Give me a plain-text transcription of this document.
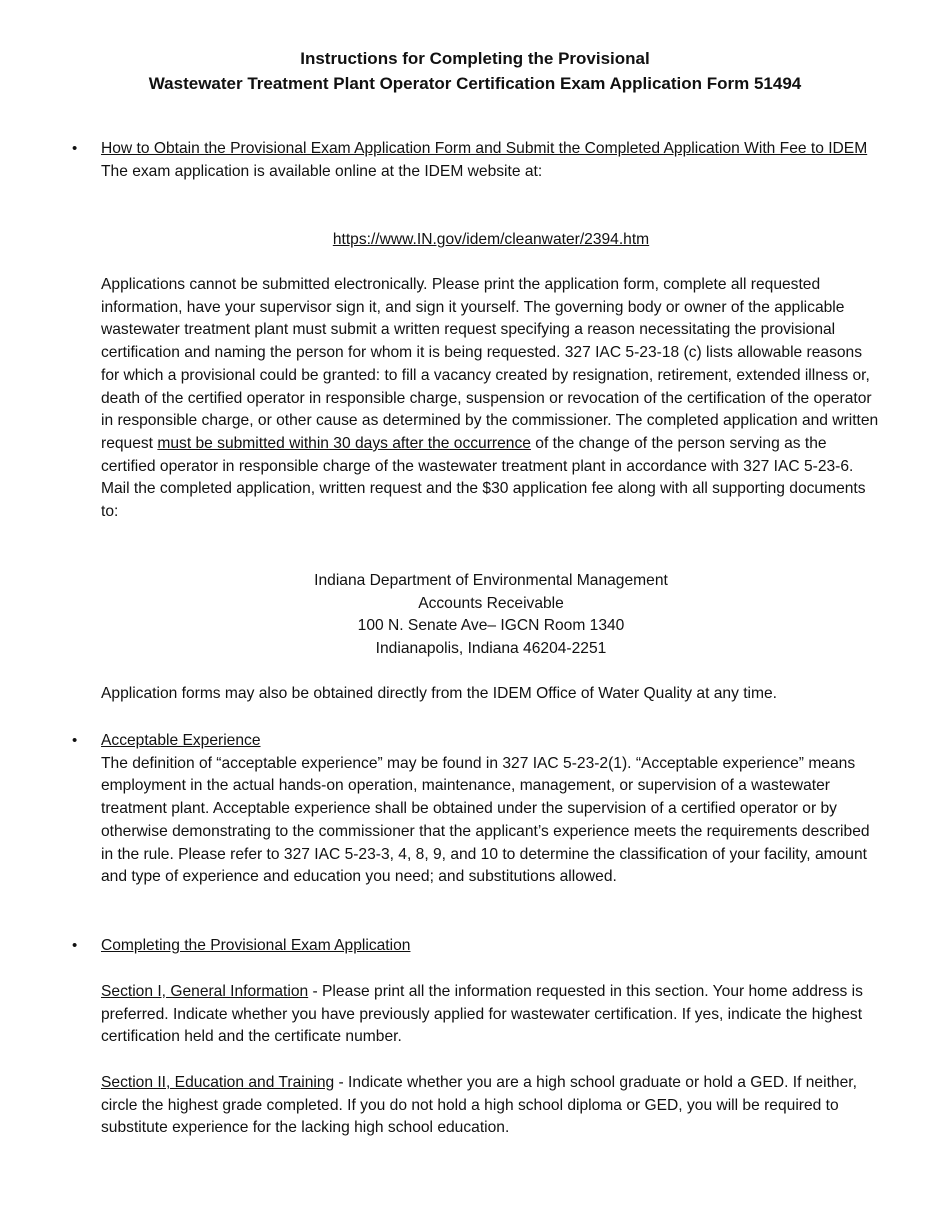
Instructions for Completing the Provisional
Wastewater Treatment Plant Operator Certification Exam Application Form 51494
• How to Obtain the Provisional Exam Application Form and Submit the Completed Application With Fee to IDEM

The exam application is available online at the IDEM website at:

https://www.IN.gov/idem/cleanwater/2394.htm

Applications cannot be submitted electronically. Please print the application form, complete all requested information, have your supervisor sign it, and sign it yourself. The governing body or owner of the applicable wastewater treatment plant must submit a written request specifying a reason necessitating the provisional certification and naming the person for whom it is being requested. 327 IAC 5-23-18 (c) lists allowable reasons for which a provisional could be granted: to fill a vacancy created by resignation, retirement, extended illness or, death of the certified operator in responsible charge, suspension or revocation of the certification of the operator in responsible charge, or other cause as determined by the commissioner. The completed application and written request must be submitted within 30 days after the occurrence of the change of the person serving as the certified operator in responsible charge of the wastewater treatment plant in accordance with 327 IAC 5-23-6. Mail the completed application, written request and the $30 application fee along with all supporting documents to:

Indiana Department of Environmental Management

Accounts Receivable

100 N. Senate Ave– IGCN Room 1340

Indianapolis, Indiana 46204-2251

Application forms may also be obtained directly from the IDEM Office of Water Quality at any time.
• Acceptable Experience

The definition of “acceptable experience” may be found in 327 IAC 5-23-2(1). “Acceptable experience” means employment in the actual hands-on operation, maintenance, management, or supervision of a wastewater treatment plant. Acceptable experience shall be obtained under the supervision of a certified operator or by otherwise demonstrating to the commissioner that the applicant’s experience meets the requirements described in the rule. Please refer to 327 IAC 5-23-3, 4, 8, 9, and 10 to determine the classification of your facility, amount and type of experience and education you need; and substitutions allowed.

• Completing the Provisional Exam Application

Section I, General Information - Please print all the information requested in this section. Your home address is preferred. Indicate whether you have previously applied for wastewater certification. If yes, indicate the highest certification held and the certificate number.

Section II, Education and Training - Indicate whether you are a high school graduate or hold a GED. If neither, circle the highest grade completed. If you do not hold a high school diploma or GED, you will be required to substitute experience for the lacking high school education.
